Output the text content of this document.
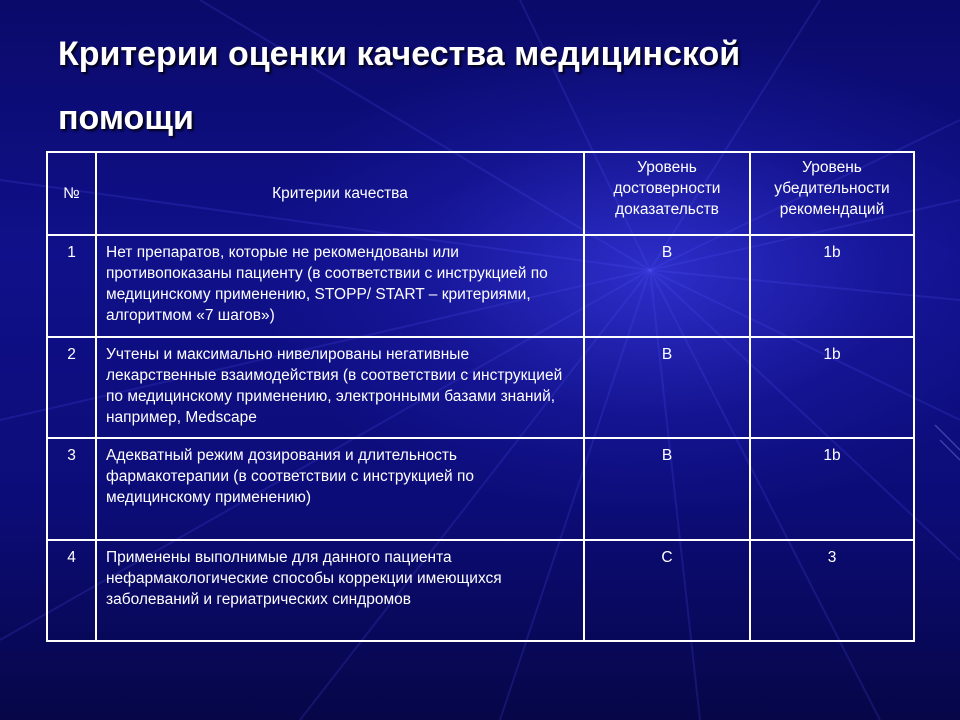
Критерии оценки качества медицинской
помощи
№	Критерии качества	Уровень достоверности доказательств	Уровень убедительности рекомендаций
1	Нет препаратов, которые не рекомендованы или противопоказаны пациенту (в соответствии с инструкцией по медицинскому применению, STOPP/ START – критериями, алгоритмом «7 шагов»)	B	1b
2	Учтены и максимально нивелированы негативные лекарственные взаимодействия (в соответствии с инструкцией по медицинскому применению, электронными базами знаний, например, Medscape	B	1b
3	Адекватный режим дозирования и длительность фармакотерапии (в соответствии с инструкцией по медицинскому применению)	B	1b
4	Применены выполнимые для данного пациента нефармакологические способы коррекции имеющихся заболеваний и гериатрических синдромов	C	3
